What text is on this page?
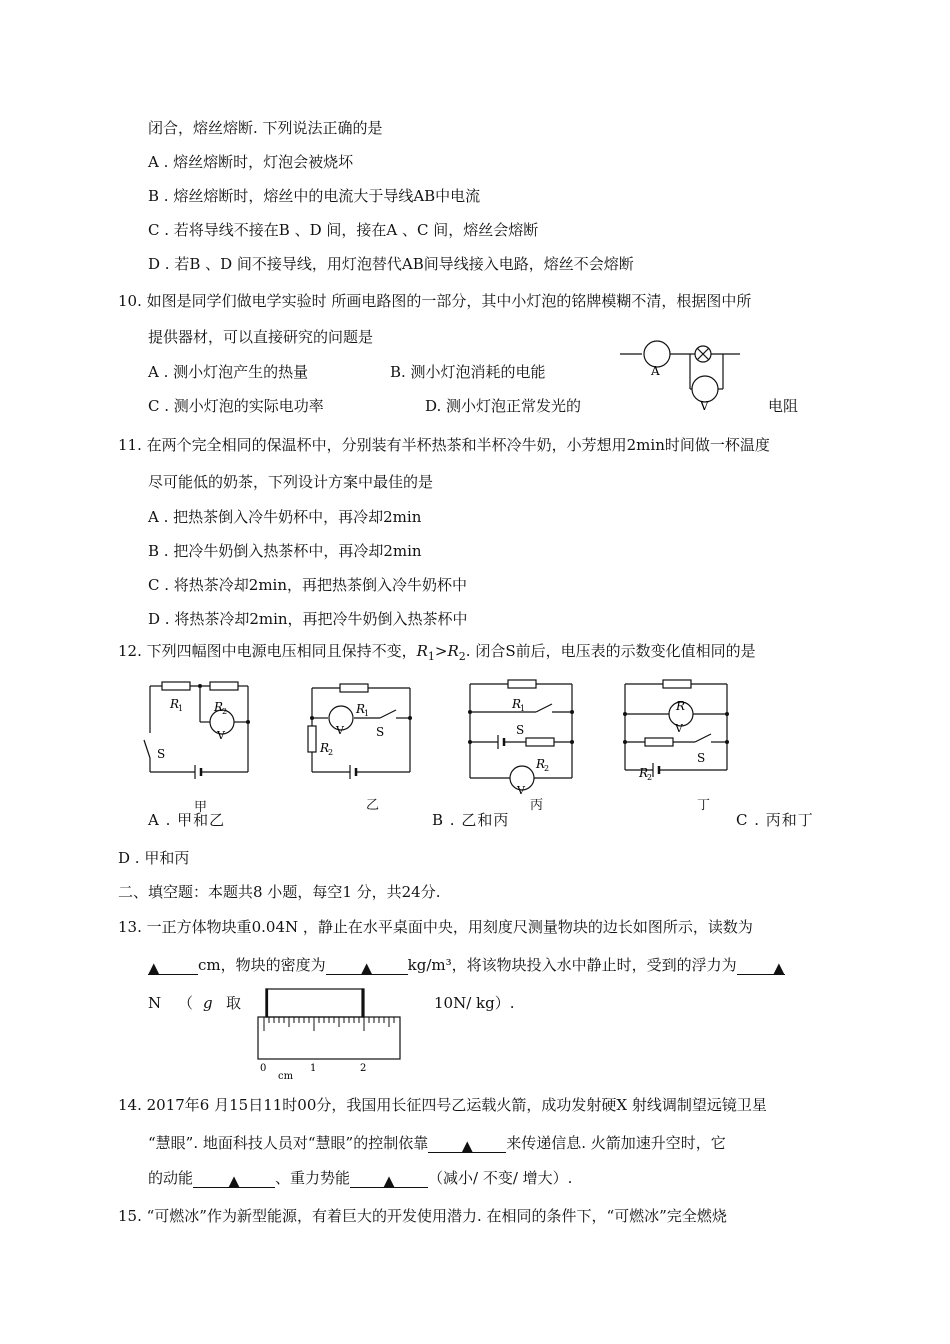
闭合，熔丝熔断. 下列说法正确的是
A . 熔丝熔断时，灯泡会被烧坏
B . 熔丝熔断时，熔丝中的电流大于导线AB中电流
C . 若将导线不接在B 、D 间，接在A 、C 间，熔丝会熔断
D . 若B 、D 间不接导线，用灯泡替代AB间导线接入电路，熔丝不会熔断
10. 如图是同学们做电学实验时 所画电路图的一部分，其中小灯泡的铭牌模糊不清，根据图中所
提供器材，可以直接研究的问题是
A . 测小灯泡产生的热量	B. 测小灯泡消耗的电能
C . 测小灯泡的实际电功率	D. 测小灯泡正常发光的	电阻
A
V
11. 在两个完全相同的保温杯中，分别装有半杯热茶和半杯冷牛奶，小芳想用2min时间做一杯温度
尽可能低的奶茶，下列设计方案中最佳的是
A . 把热茶倒入冷牛奶杯中，再冷却2min
B . 把冷牛奶倒入热茶杯中，再冷却2min
C . 将热茶冷却2min，再把热茶倒入冷牛奶杯中
D . 将热茶冷却2min，再把冷牛奶倒入热茶杯中
12. 下列四幅图中电源电压相同且保持不变，$R_1>R_2$. 闭合S前后，电压表的示数变化值相同的是
R
1	R
2
V
S
R
1
V	S
R
2
R
1
S
R
2
V
R
V
S
R
2
甲	乙	丙	丁
A . 甲和乙	B . 乙和丙	C . 丙和丁
D . 甲和丙
二、填空题：本题共8 小题，每空1 分，共24分.
13. 一正方体物块重0.04N ，静止在水平桌面中央，用刻度尺测量物块的边长如图所示，读数为
▲	cm，物块的密度为 ▲ kg/m³，将该物块投入水中静止时，受到的浮力为 ▲
N （ g 取	10N/ kg）.
0
cm
1	2
14. 2017年6 月15日11时00分，我国用长征四号乙运载火箭，成功发射硬X 射线调制望远镜卫星
“慧眼”. 地面科技人员对“慧眼”的控制依靠 ▲ 来传递信息. 火箭加速升空时，它
的动能 ▲ 、重力势能 ▲ （减小/ 不变/ 增大）.
15. “可燃冰”作为新型能源，有着巨大的开发使用潜力. 在相同的条件下，“可燃冰”完全燃烧
